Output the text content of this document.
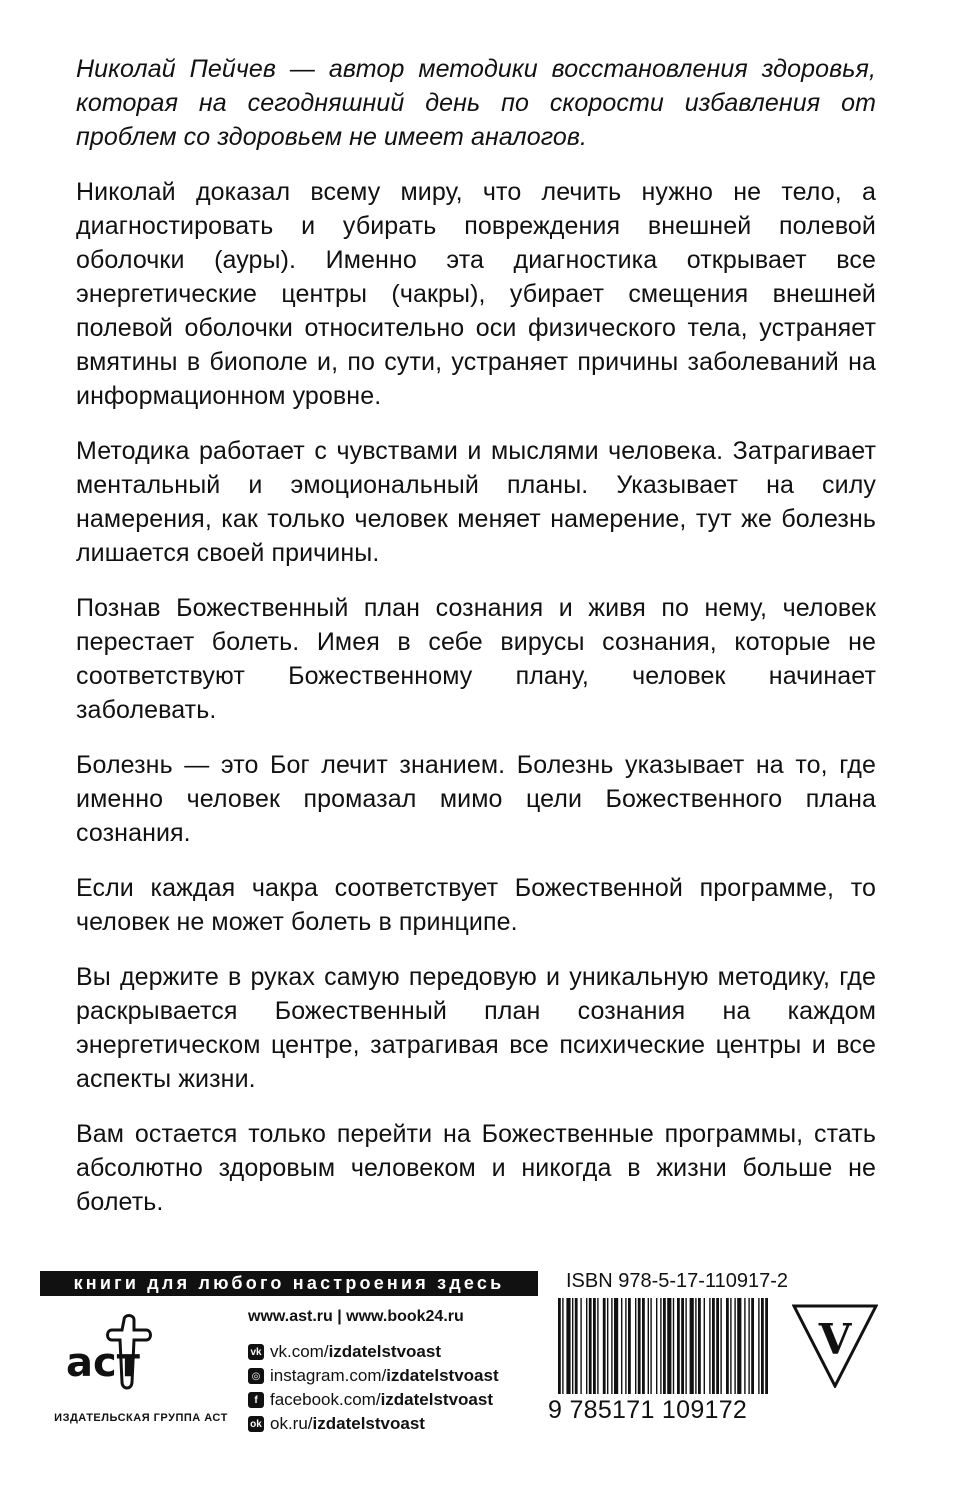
Николай Пейчев — автор методики восстановления здоровья, которая на сегодняшний день по скорости избавления от проблем со здоровьем не имеет аналогов.

Николай доказал всему миру, что лечить нужно не тело, а диагностировать и убирать повреждения внешней полевой оболочки (ауры). Именно эта диагностика открывает все энергетические центры (чакры), убирает смещения внешней полевой оболочки относительно оси физического тела, устраняет вмятины в биополе и, по сути, устраняет причины заболеваний на информационном уровне.

Методика работает с чувствами и мыслями человека. Затрагивает ментальный и эмоциональный планы. Указывает на силу намерения, как только человек меняет намерение, тут же болезнь лишается своей причины.

Познав Божественный план сознания и живя по нему, человек перестает болеть. Имея в себе вирусы сознания, которые не соответствуют Божественному плану, человек начинает заболевать.

Болезнь — это Бог лечит знанием. Болезнь указывает на то, где именно человек промазал мимо цели Божественного плана сознания.

Если каждая чакра соответствует Божественной программе, то человек не может болеть в принципе.

Вы держите в руках самую передовую и уникальную методику, где раскрывается Божественный план сознания на каждом энергетическом центре, затрагивая все психические центры и все аспекты жизни.

Вам остается только перейти на Божественные программы, стать абсолютно здоровым человеком и никогда в жизни больше не болеть.

книги для любого настроения здесь
аст
ИЗДАТЕЛЬСКАЯ ГРУППА АСТ
www.ast.ru | www.book24.ru
vk vk.com/ izdatelstvoast
◎ instagram.com/ izdatelstvoast
f facebook.com/ izdatelstvoast
ok ok.ru/ izdatelstvoast
ISBN 978-5-17-110917-2
9 785171 109172
V
